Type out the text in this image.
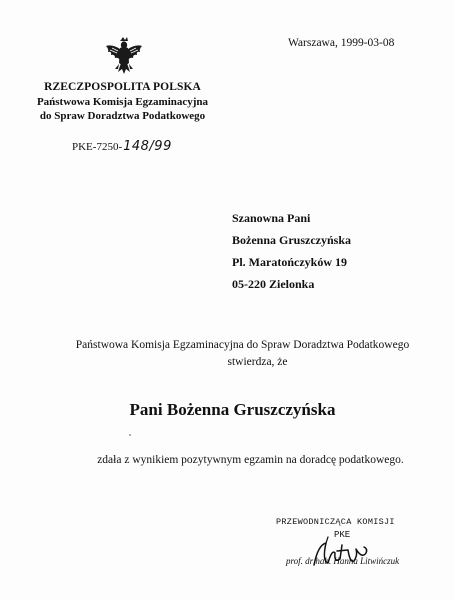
Warszawa, 1999-03-08
RZECZPOSPOLITA POLSKA
Państwowa Komisja Egzaminacyjna
do Spraw Doradztwa Podatkowego
PKE-7250-148/99
Szanowna Pani
Bożenna Gruszczyńska
Pl. Maratończyków 19
05-220 Zielonka
Państwowa Komisja Egzaminacyjna do Spraw Doradztwa Podatkowego
stwierdza, że
Pani Bożenna Gruszczyńska
zdała z wynikiem pozytywnym egzamin na doradcę podatkowego.
PRZEWODNICZĄCA KOMISJI
PKE
prof. dr hab. Hanna Litwińczuk
